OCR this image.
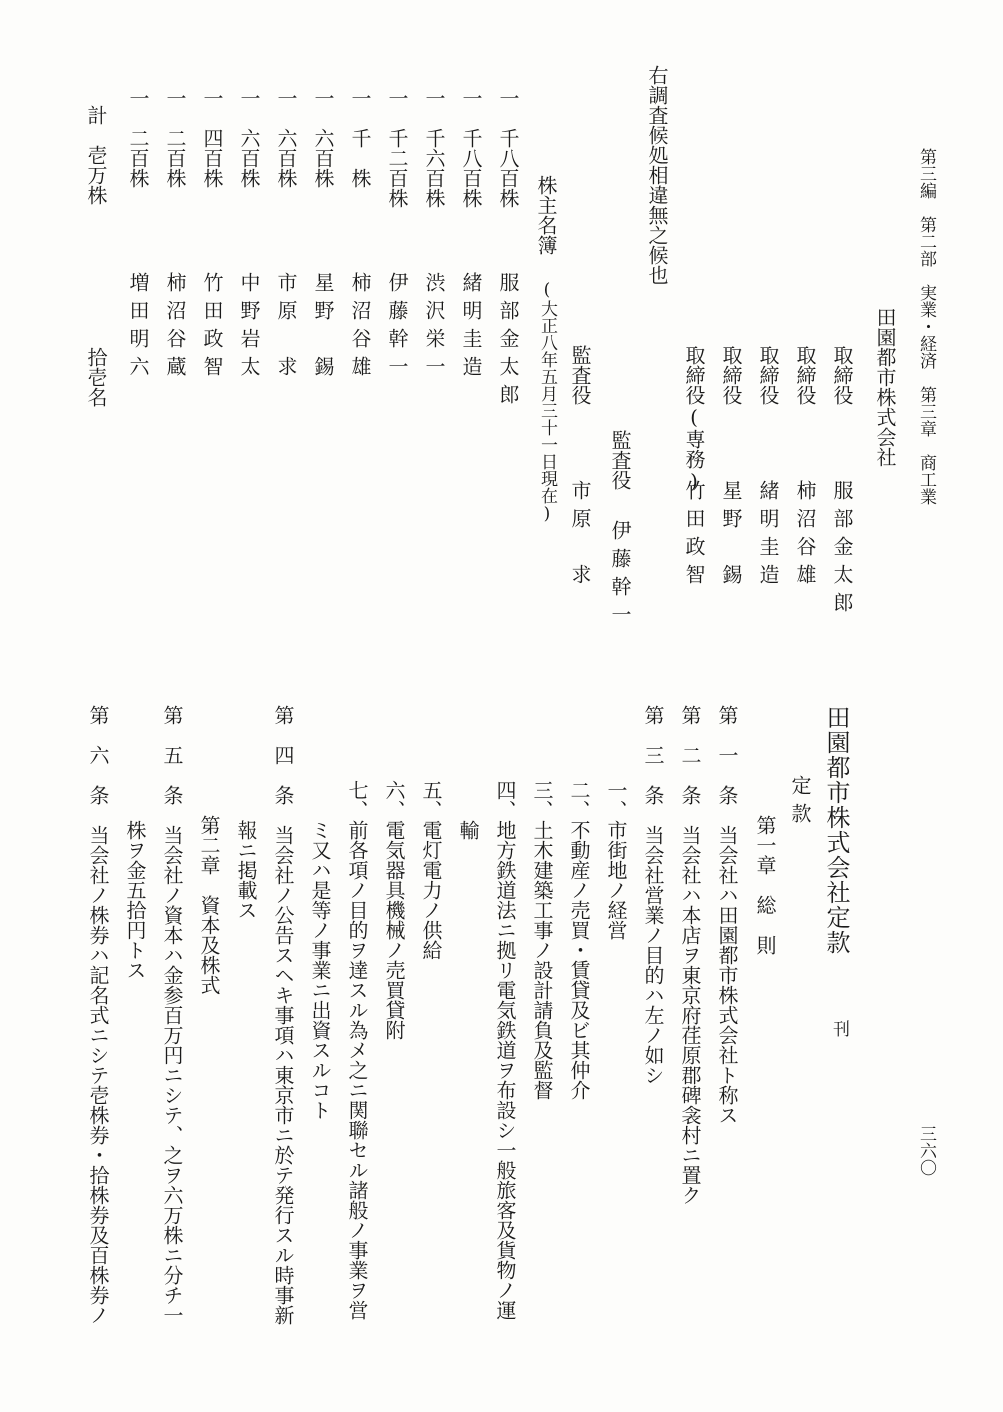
第三編　第二部　実業・経済　第三章　商工業
三六〇
田園都市株式会社
取締役
服部金太郎
取締役
柿沼谷雄
取締役
緒明圭造
取締役
星野　錫
取締役(専務)
竹田政智
監査役
伊藤幹一
監査役
市原　求
右調査候処相違無之候也
株主名簿
(大正八年五月三十一日現在)
一　千八百株
服部金太郎
一　千八百株
緒明圭造
一　千六百株
渋沢栄一
一　千二百株
伊藤幹一
一　千　株
柿沼谷雄
一　六百株
星野　錫
一　六百株
市原　求
一　六百株
中野岩太
一　四百株
竹田政智
一　二百株
柿沼谷蔵
一　二百株
増田明六
計　壱万株
拾壱名
田園都市株式会社定款
刊
定款
第一章　総　則
第　一　条　当会社ハ田園都市株式会社ト称ス
第　二　条　当会社ハ本店ヲ東京府荏原郡碑衾村ニ置ク
第　三　条　当会社営業ノ目的ハ左ノ如シ
一、市街地ノ経営
二、不動産ノ売買・賃貸及ビ其仲介
三、土木建築工事ノ設計請負及監督
四、地方鉄道法ニ拠リ電気鉄道ヲ布設シ一般旅客及貨物ノ運
輸
五、電灯電力ノ供給
六、電気器具機械ノ売買貸附
七、前各項ノ目的ヲ達スル為メ之ニ関聯セル諸般ノ事業ヲ営
ミ又ハ是等ノ事業ニ出資スルコト
第　四　条　当会社ノ公告スヘキ事項ハ東京市ニ於テ発行スル時事新
報ニ掲載ス
第二章　資本及株式
第　五　条　当会社ノ資本ハ金参百万円ニシテ、之ヲ六万株ニ分チ一
株ヲ金五拾円トス
第　六　条　当会社ノ株券ハ記名式ニシテ壱株券・拾株券及百株券ノ
